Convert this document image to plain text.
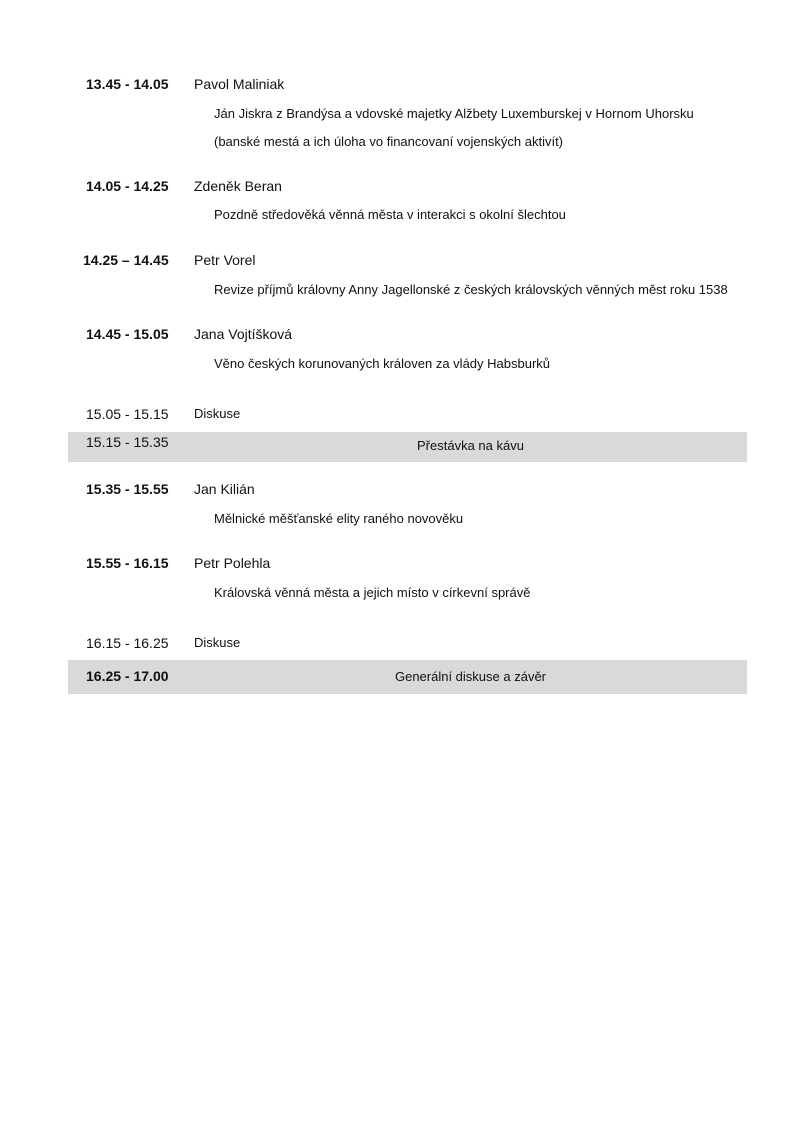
13.45 - 14.05 Pavol Maliniak
Ján Jiskra z Brandýsa a vdovské majetky Alžbety Luxemburskej v Hornom Uhorsku
(banské mestá a ich úloha vo financovaní vojenských aktivít)
14.05 - 14.25 Zdeněk Beran
Pozdně středověká věnná města v interakci s okolní šlechtou
14.25 – 14.45 Petr Vorel
Revize příjmů královny Anny Jagellonské z českých královských věnných měst roku 1538
14.45 - 15.05 Jana Vojtíšková
Věno českých korunovaných královen za vlády Habsburků
15.05 - 15.15 Diskuse
15.15 - 15.35	Přestávka na kávu
15.35 - 15.55 Jan Kilián
Mělnické měšťanské elity raného novověku
15.55 - 16.15 Petr Polehla
Královská věnná města a jejich místo v církevní správě
16.15 - 16.25 Diskuse
16.25 - 17.00	Generální diskuse a závěr
